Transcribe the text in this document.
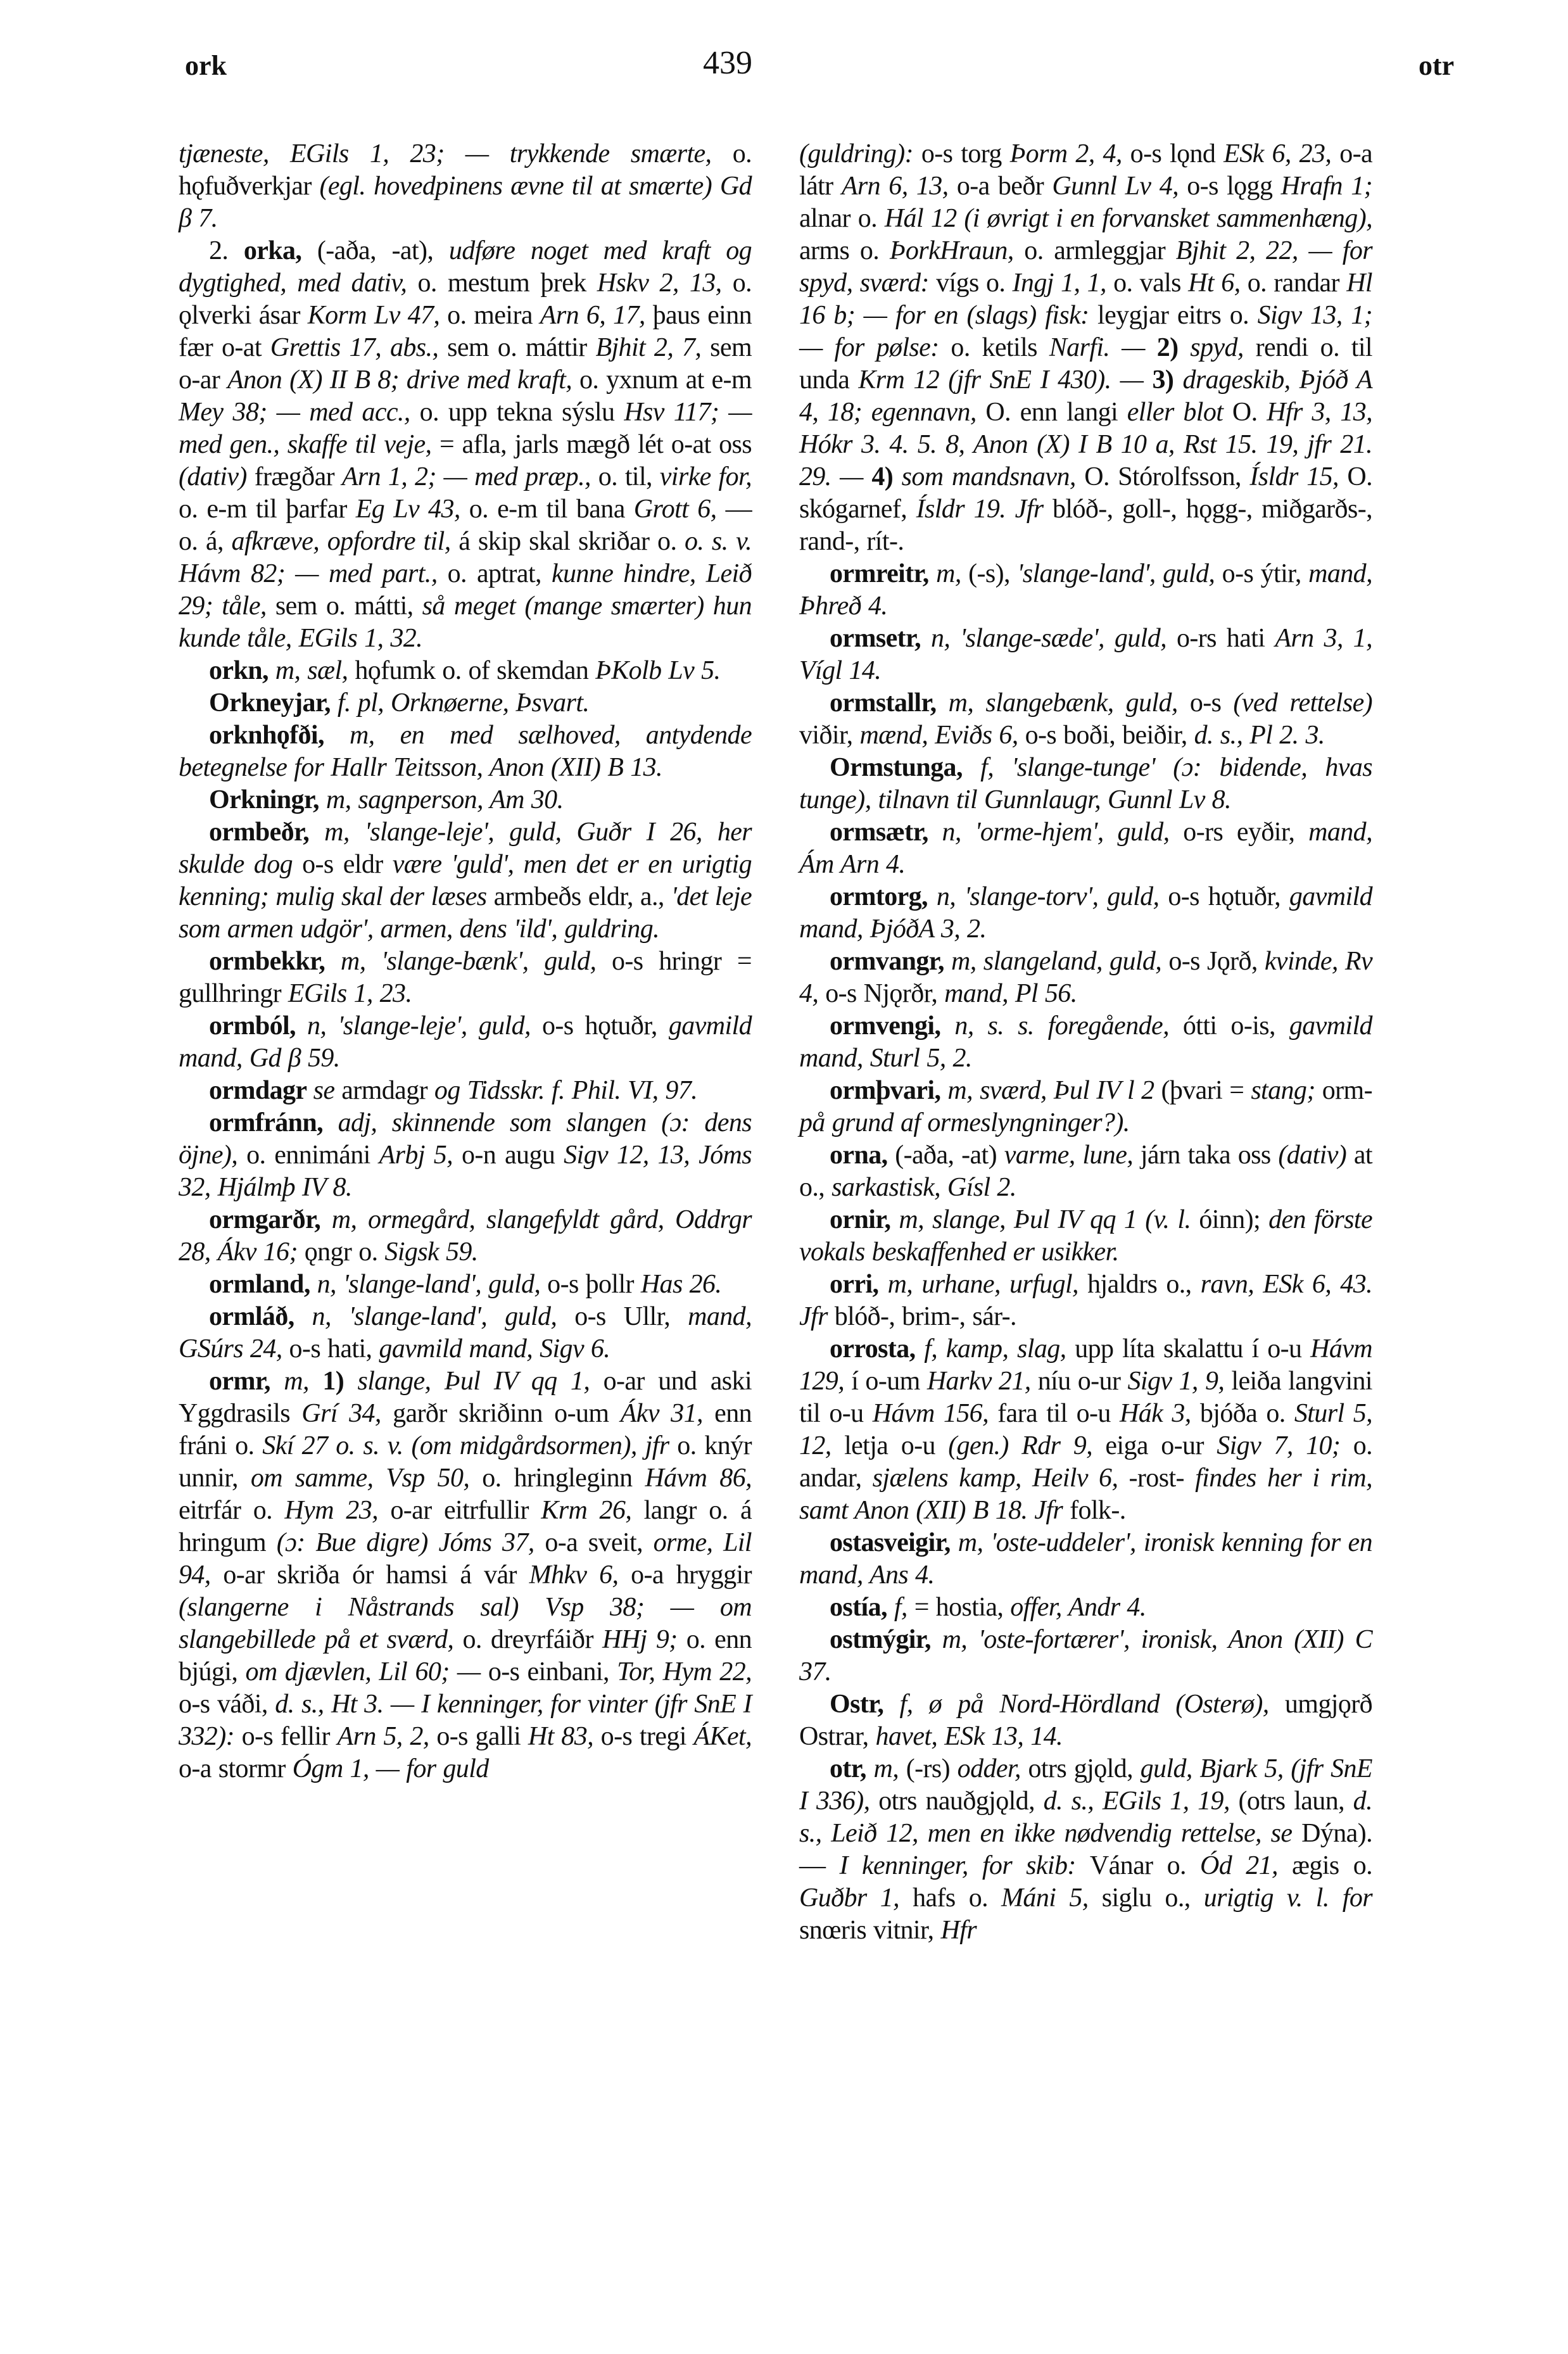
ork	439	otr

tjæneste, EGils 1, 23; — trykkende smærte, o. hǫfuðverkjar (egl. hovedpinens ævne til at smærte) Gd β 7.

2. orka, (-aða, -at), udføre noget med kraft og dygtighed, med dativ, o. mestum þrek Hskv 2, 13, o. ǫlverki ásar Korm Lv 47, o. meira Arn 6, 17, þaus einn fær o-at Grettis 17, abs., sem o. máttir Bjhit 2, 7, sem o-ar Anon (X) II B 8; drive med kraft, o. yxnum at e-m Mey 38; — med acc., o. upp tekna sýslu Hsv 117; — med gen., skaffe til veje, = afla, jarls mægð lét o-at oss (dativ) frægðar Arn 1, 2; — med præp., o. til, virke for, o. e-m til þarfar Eg Lv 43, o. e-m til bana Grott 6, — o. á, afkræve, opfordre til, á skip skal skriðar o. o. s. v. Hávm 82; — med part., o. aptrat, kunne hindre, Leið 29; tåle, sem o. mátti, så meget (mange smærter) hun kunde tåle, EGils 1, 32.

orkn, m, sæl, hǫfumk o. of skemdan ÞKolb Lv 5.

Orkneyjar, f. pl, Orknøerne, Þsvart.

orknhǫfði, m, en med sælhoved, antydende betegnelse for Hallr Teitsson, Anon (XII) B 13.

Orkningr, m, sagnperson, Am 30.

ormbeðr, m, 'slange-leje', guld, Guðr I 26, her skulde dog o-s eldr være 'guld', men det er en urigtig kenning; mulig skal der læses armbeðs eldr, a., 'det leje som armen udgör', armen, dens 'ild', guldring.

ormbekkr, m, 'slange-bænk', guld, o-s hringr = gullhringr EGils 1, 23.

ormból, n, 'slange-leje', guld, o-s hǫtuðr, gavmild mand, Gd β 59.

ormdagr se armdagr og Tidsskr. f. Phil. VI, 97.

ormfránn, adj, skinnende som slangen (ɔ: dens öjne), o. ennimáni Arbj 5, o-n augu Sigv 12, 13, Jóms 32, Hjálmþ IV 8.

ormgarðr, m, ormegård, slangefyldt gård, Oddrgr 28, Ákv 16; ǫngr o. Sigsk 59.

ormland, n, 'slange-land', guld, o-s þollr Has 26.

ormláð, n, 'slange-land', guld, o-s Ullr, mand, GSúrs 24, o-s hati, gavmild mand, Sigv 6.

ormr, m, 1) slange, Þul IV qq 1, o-ar und aski Yggdrasils Grí 34, garðr skriðinn o-um Ákv 31, enn fráni o. Skí 27 o. s. v. (om midgårdsormen), jfr o. knýr unnir, om samme, Vsp 50, o. hringleginn Hávm 86, eitrfár o. Hym 23, o-ar eitrfullir Krm 26, langr o. á hringum (ɔ: Bue digre) Jóms 37, o-a sveit, orme, Lil 94, o-ar skriða ór hamsi á vár Mhkv 6, o-a hryggir (slangerne i Nåstrands sal) Vsp 38; — om slangebillede på et sværd, o. dreyrfáiðr HHj 9; o. enn bjúgi, om djævlen, Lil 60; — o-s einbani, Tor, Hym 22, o-s váði, d. s., Ht 3. — I kenninger, for vinter (jfr SnE I 332): o-s fellir Arn 5, 2, o-s galli Ht 83, o-s tregi ÁKet, o-a stormr Ógm 1, — for guld

(guldring): o-s torg Þorm 2, 4, o-s lǫnd ESk 6, 23, o-a látr Arn 6, 13, o-a beðr Gunnl Lv 4, o-s lǫgg Hrafn 1; alnar o. Hál 12 (i øvrigt i en forvansket sammenhæng), arms o. ÞorkHraun, o. armleggjar Bjhit 2, 22, — for spyd, sværd: vígs o. Ingj 1, 1, o. vals Ht 6, o. randar Hl 16 b; — for en (slags) fisk: leygjar eitrs o. Sigv 13, 1; — for pølse: o. ketils Narfi. — 2) spyd, rendi o. til unda Krm 12 (jfr SnE I 430). — 3) drageskib, Þjóð A 4, 18; egennavn, O. enn langi eller blot O. Hfr 3, 13, Hókr 3. 4. 5. 8, Anon (X) I B 10 a, Rst 15. 19, jfr 21. 29. — 4) som mandsnavn, O. Stórolfsson, Ísldr 15, O. skógarnef, Ísldr 19. Jfr blóð-, goll-, hǫgg-, miðgarðs-, rand-, rít-.

ormreitr, m, (-s), 'slange-land', guld, o-s ýtir, mand, Þhreð 4.

ormsetr, n, 'slange-sæde', guld, o-rs hati Arn 3, 1, Vígl 14.

ormstallr, m, slangebænk, guld, o-s (ved rettelse) viðir, mænd, Eviðs 6, o-s boði, beiðir, d. s., Pl 2. 3.

Ormstunga, f, 'slange-tunge' (ɔ: bidende, hvas tunge), tilnavn til Gunnlaugr, Gunnl Lv 8.

ormsætr, n, 'orme-hjem', guld, o-rs eyðir, mand, Ám Arn 4.

ormtorg, n, 'slange-torv', guld, o-s hǫtuðr, gavmild mand, ÞjóðA 3, 2.

ormvangr, m, slangeland, guld, o-s Jǫrð, kvinde, Rv 4, o-s Njǫrðr, mand, Pl 56.

ormvengi, n, s. s. foregående, ótti o-is, gavmild mand, Sturl 5, 2.

ormþvari, m, sværd, Þul IV l 2 (þvari = stang; orm- på grund af ormeslyngninger?).

orna, (-aða, -at) varme, lune, járn taka oss (dativ) at o., sarkastisk, Gísl 2.

ornir, m, slange, Þul IV qq 1 (v. l. óinn); den förste vokals beskaffenhed er usikker.

orri, m, urhane, urfugl, hjaldrs o., ravn, ESk 6, 43. Jfr blóð-, brim-, sár-.

orrosta, f, kamp, slag, upp líta skalattu í o-u Hávm 129, í o-um Harkv 21, níu o-ur Sigv 1, 9, leiða langvini til o-u Hávm 156, fara til o-u Hák 3, bjóða o. Sturl 5, 12, letja o-u (gen.) Rdr 9, eiga o-ur Sigv 7, 10; o. andar, sjælens kamp, Heilv 6, -rost- findes her i rim, samt Anon (XII) B 18. Jfr folk-.

ostasveigir, m, 'oste-uddeler', ironisk kenning for en mand, Ans 4.

ostía, f, = hostia, offer, Andr 4.

ostmýgir, m, 'oste-fortærer', ironisk, Anon (XII) C 37.

Ostr, f, ø på Nord-Hördland (Osterø), umgjǫrð Ostrar, havet, ESk 13, 14.

otr, m, (-rs) odder, otrs gjǫld, guld, Bjark 5, (jfr SnE I 336), otrs nauðgjǫld, d. s., EGils 1, 19, (otrs laun, d. s., Leið 12, men en ikke nødvendig rettelse, se Dýna). — I kenninger, for skib: Vánar o. Ód 21, ægis o. Guðbr 1, hafs o. Máni 5, siglu o., urigtig v. l. for snœris vitnir, Hfr
